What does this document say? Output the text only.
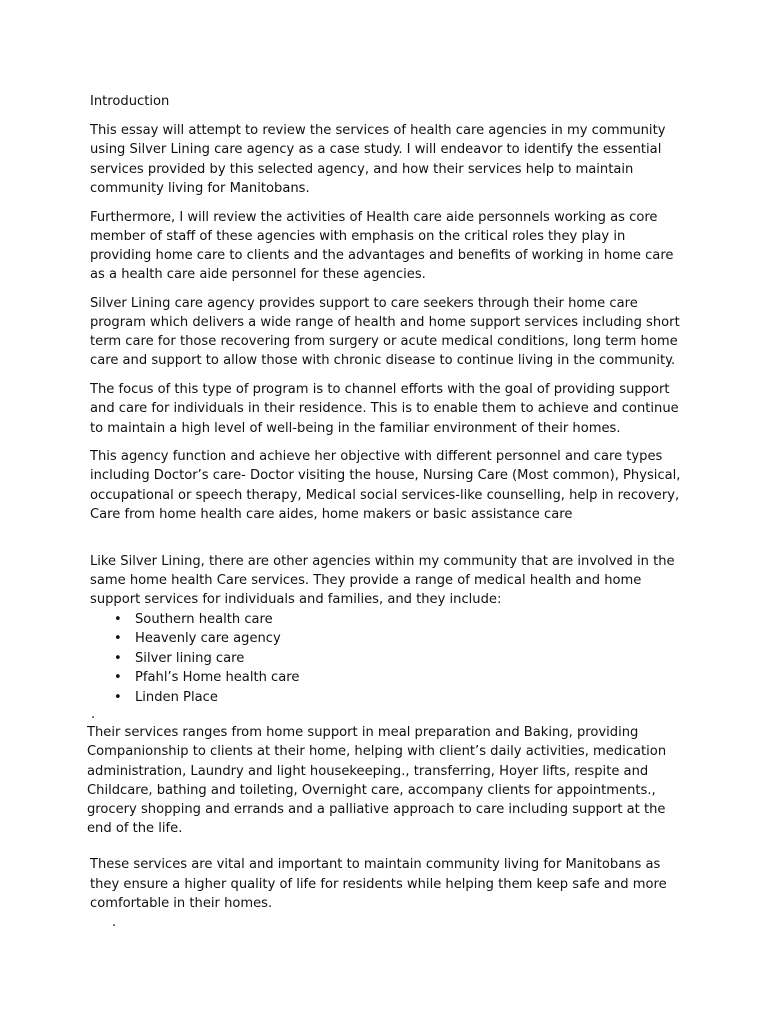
Introduction

This essay will attempt to review the services of health care agencies in my community using Silver Lining care agency as a case study. I will endeavor to identify the essential services provided by this selected agency, and how their services help to maintain community living for Manitobans.

Furthermore, I will review the activities of Health care aide personnels working as core member of staff of these agencies with emphasis on the critical roles they play in providing home care to clients and the advantages and benefits of working in home care as a health care aide personnel for these agencies.

Silver Lining care agency provides support to care seekers through their home care program which delivers a wide range of health and home support services including short term care for those recovering from surgery or acute medical conditions, long term home care and support to allow those with chronic disease to continue living in the community.

The focus of this type of program is to channel efforts with the goal of providing support and care for individuals in their residence. This is to enable them to achieve and continue to maintain a high level of well-being in the familiar environment of their homes.

This agency function and achieve her objective with different personnel and care types including Doctor’s care- Doctor visiting the house, Nursing Care (Most common), Physical, occupational or speech therapy, Medical social services-like counselling, help in recovery, Care from home health care aides, home makers or basic assistance care

Like Silver Lining, there are other agencies within my community that are involved in the same home health Care services. They provide a range of medical health and home support services for individuals and families, and they include:

• Southern health care
• Heavenly care agency
• Silver lining care
• Pfahl’s Home health care
• Linden Place
.

Their services ranges from home support in meal preparation and Baking, providing Companionship to clients at their home, helping with client’s daily activities, medication administration, Laundry and light housekeeping., transferring, Hoyer lifts, respite and Childcare, bathing and toileting, Overnight care, accompany clients for appointments., grocery shopping and errands and a palliative approach to care including support at the end of the life.

These services are vital and important to maintain community living for Manitobans as they ensure a higher quality of life for residents while helping them keep safe and more comfortable in their homes.

.
